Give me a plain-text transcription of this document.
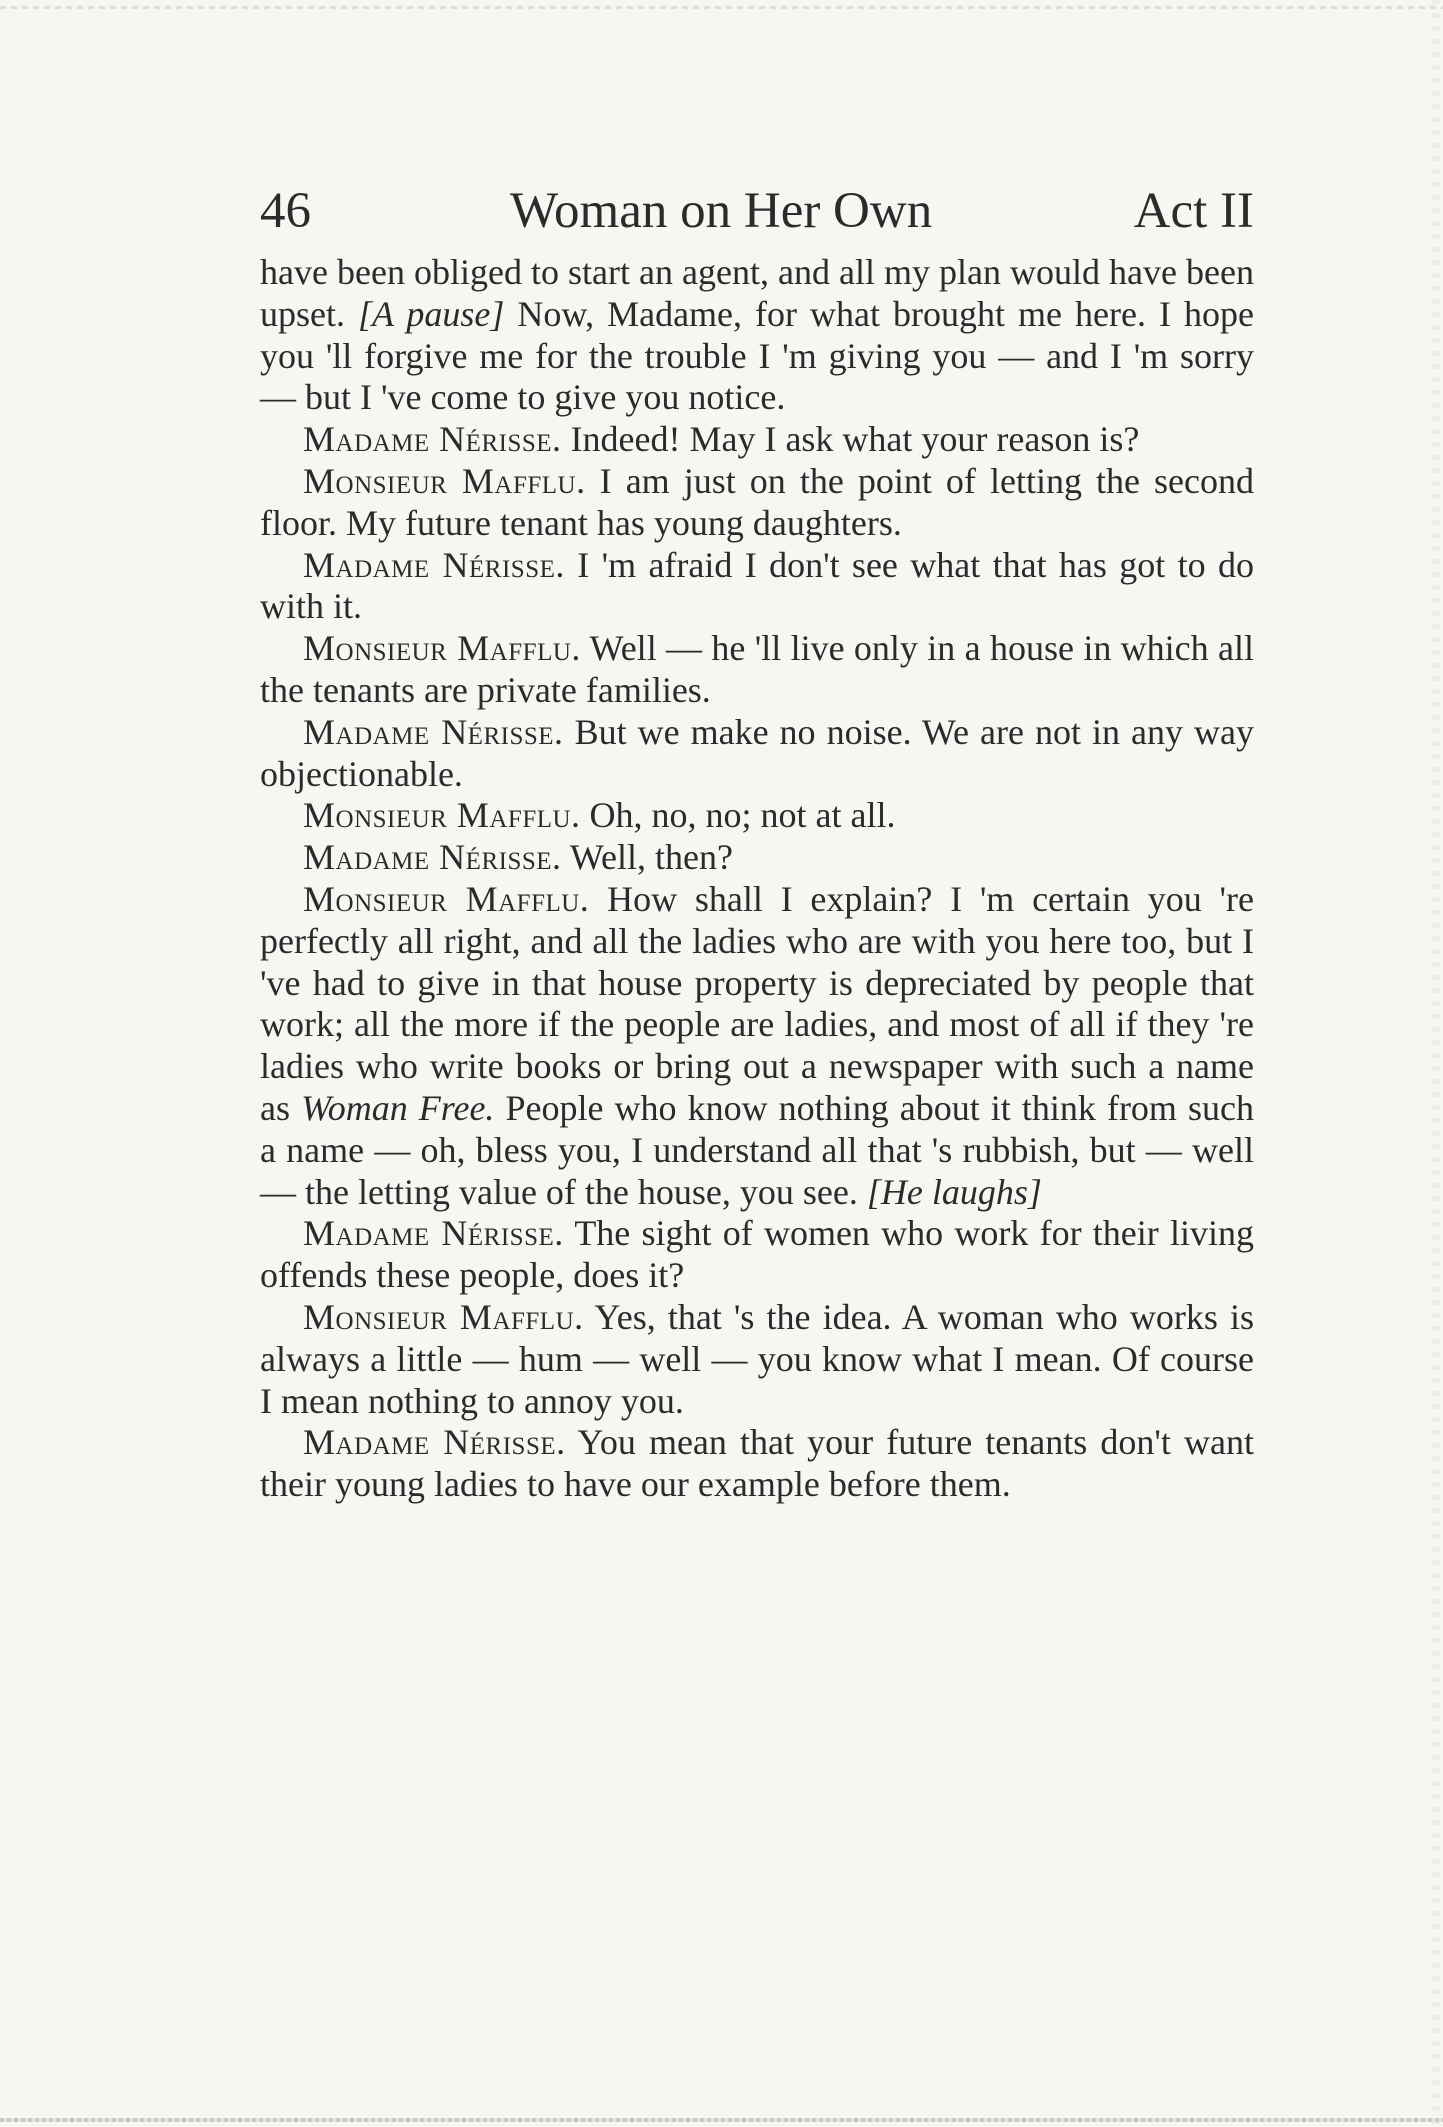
46	Woman on Her Own	Act II

have been obliged to start an agent, and all my plan would have been upset. [A pause] Now, Madame, for what brought me here. I hope you 'll forgive me for the trouble I 'm giving you — and I 'm sorry — but I 've come to give you notice.

Madame Nérisse. Indeed! May I ask what your reason is?

Monsieur Mafflu. I am just on the point of letting the second floor. My future tenant has young daughters.

Madame Nérisse. I 'm afraid I don't see what that has got to do with it.

Monsieur Mafflu. Well — he 'll live only in a house in which all the tenants are private families.

Madame Nérisse. But we make no noise. We are not in any way objectionable.

Monsieur Mafflu. Oh, no, no; not at all.

Madame Nérisse. Well, then?

Monsieur Mafflu. How shall I explain? I 'm certain you 're perfectly all right, and all the ladies who are with you here too, but I 've had to give in that house property is depreciated by people that work; all the more if the people are ladies, and most of all if they 're ladies who write books or bring out a newspaper with such a name as Woman Free. People who know nothing about it think from such a name — oh, bless you, I understand all that 's rubbish, but — well — the letting value of the house, you see. [He laughs]

Madame Nérisse. The sight of women who work for their living offends these people, does it?

Monsieur Mafflu. Yes, that 's the idea. A woman who works is always a little — hum — well — you know what I mean. Of course I mean nothing to annoy you.

Madame Nérisse. You mean that your future tenants don't want their young ladies to have our example before them.
